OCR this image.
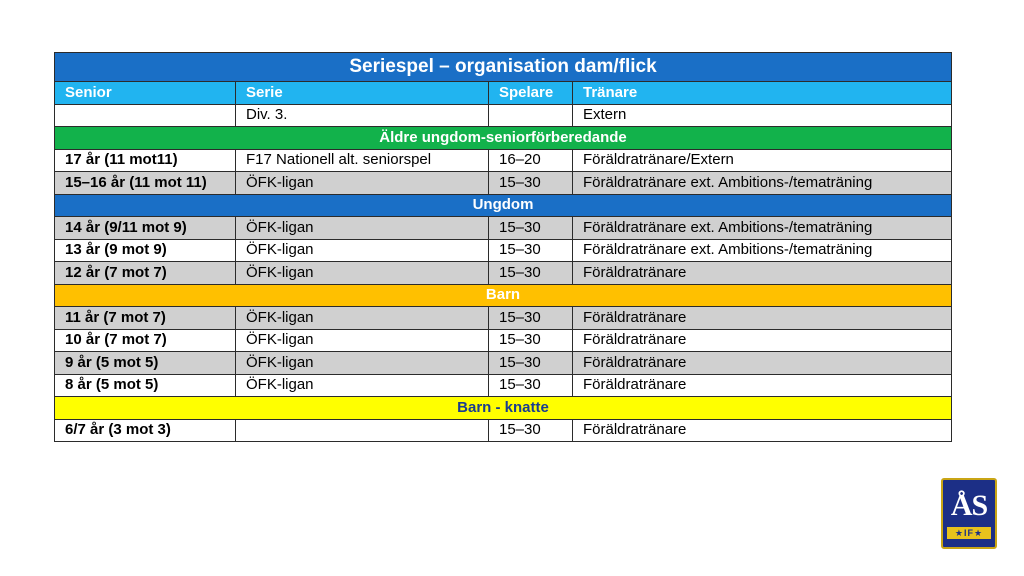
Seriespel – organisation dam/flick			
Senior	Serie	Spelare	Tränare
	Div. 3.		Extern
Äldre ungdom-seniorförberedande			
17 år (11 mot11)	F17 Nationell alt. seniorspel	16–20	Föräldratränare/Extern
15–16 år (11 mot 11)	ÖFK-ligan	15–30	Föräldratränare ext. Ambitions-/tematräning
Ungdom			
14 år (9/11 mot 9)	ÖFK-ligan	15–30	Föräldratränare ext. Ambitions-/tematräning
13 år (9 mot 9)	ÖFK-ligan	15–30	Föräldratränare ext. Ambitions-/tematräning
12 år (7 mot 7)	ÖFK-ligan	15–30	Föräldratränare
Barn			
11 år (7 mot 7)	ÖFK-ligan	15–30	Föräldratränare
10 år (7 mot 7)	ÖFK-ligan	15–30	Föräldratränare
9 år (5 mot 5)	ÖFK-ligan	15–30	Föräldratränare
8 år (5 mot 5)	ÖFK-ligan	15–30	Föräldratränare
Barn - knatte			
6/7 år (3 mot 3)		15–30	Föräldratränare
ÅS
★IF★
